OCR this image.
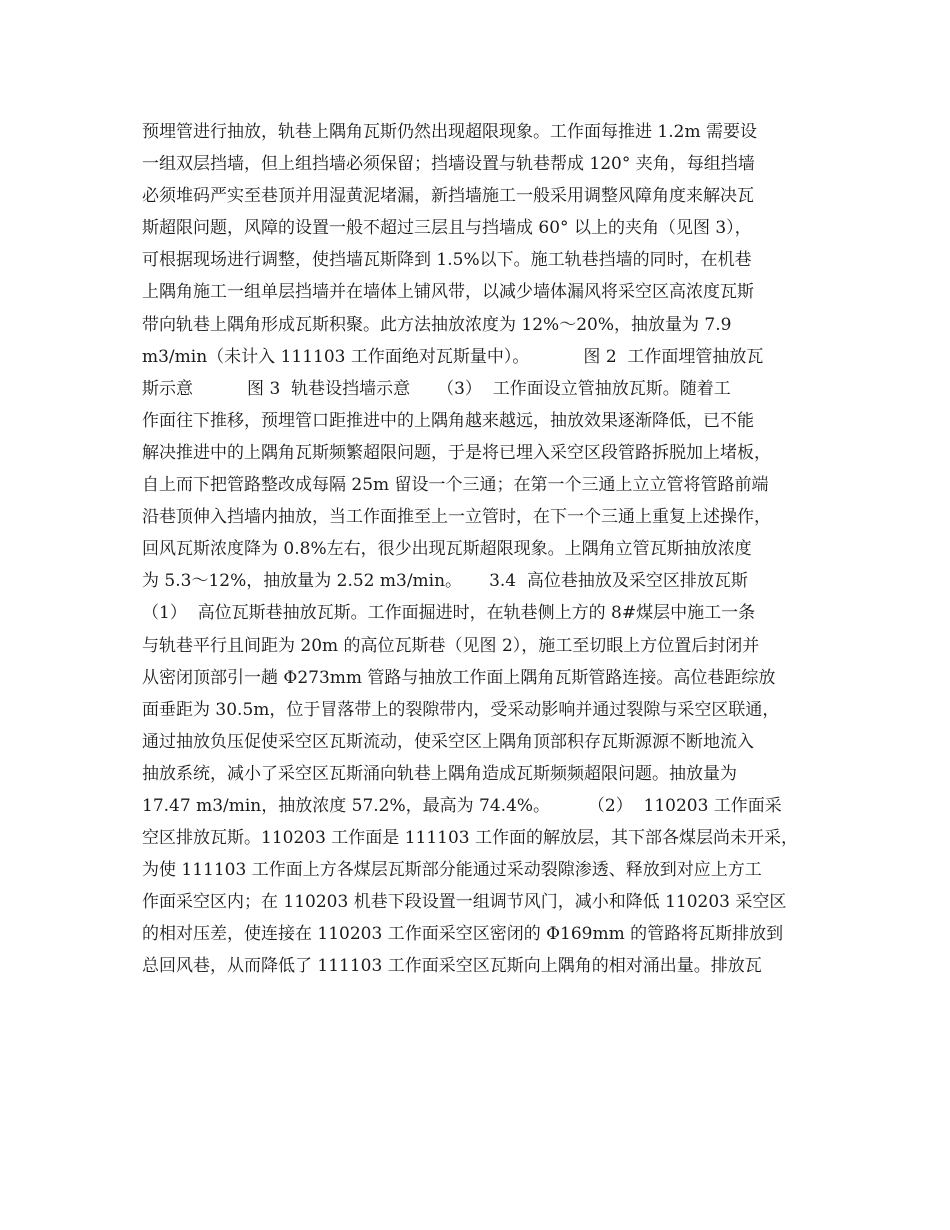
预埋管进行抽放，轨巷上隅角瓦斯仍然出现超限现象。工作面每推进 1.2m 需要设
一组双层挡墙，但上组挡墙必须保留；挡墙设置与轨巷帮成 120° 夹角，每组挡墙
必须堆码严实至巷顶并用湿黄泥堵漏，新挡墙施工一般采用调整风障角度来解决瓦
斯超限问题，风障的设置一般不超过三层且与挡墙成 60° 以上的夹角（见图 3），
可根据现场进行调整，使挡墙瓦斯降到 1.5%以下。施工轨巷挡墙的同时，在机巷
上隅角施工一组单层挡墙并在墙体上铺风带，以减少墙体漏风将采空区高浓度瓦斯
带向轨巷上隅角形成瓦斯积聚。此方法抽放浓度为 12%～20%，抽放量为 7.9
m3/min（未计入 111103 工作面绝对瓦斯量中）。          图 2  工作面埋管抽放瓦
斯示意          图 3  轨巷设挡墙示意     （3）  工作面设立管抽放瓦斯。随着工
作面往下推移，预埋管口距推进中的上隅角越来越远，抽放效果逐渐降低，已不能
解决推进中的上隅角瓦斯频繁超限问题，于是将已埋入采空区段管路拆脱加上堵板，
自上而下把管路整改成每隔 25m 留设一个三通；在第一个三通上立立管将管路前端
沿巷顶伸入挡墙内抽放，当工作面推至上一立管时，在下一个三通上重复上述操作，
回风瓦斯浓度降为 0.8%左右，很少出现瓦斯超限现象。上隅角立管瓦斯抽放浓度
为 5.3～12%，抽放量为 2.52 m3/min。     3.4  高位巷抽放及采空区排放瓦斯
（1）  高位瓦斯巷抽放瓦斯。工作面掘进时，在轨巷侧上方的 8#煤层中施工一条
与轨巷平行且间距为 20m 的高位瓦斯巷（见图 2），施工至切眼上方位置后封闭并
从密闭顶部引一趟 Φ273mm 管路与抽放工作面上隅角瓦斯管路连接。高位巷距综放
面垂距为 30.5m，位于冒落带上的裂隙带内，受采动影响并通过裂隙与采空区联通，
通过抽放负压促使采空区瓦斯流动，使采空区上隅角顶部积存瓦斯源源不断地流入
抽放系统，减小了采空区瓦斯涌向轨巷上隅角造成瓦斯频频超限问题。抽放量为
17.47 m3/min，抽放浓度 57.2%，最高为 74.4%。       （2）  110203 工作面采
空区排放瓦斯。110203 工作面是 111103 工作面的解放层，其下部各煤层尚未开采，
为使 111103 工作面上方各煤层瓦斯部分能通过采动裂隙渗透、释放到对应上方工
作面采空区内；在 110203 机巷下段设置一组调节风门，减小和降低 110203 采空区
的相对压差，使连接在 110203 工作面采空区密闭的 Φ169mm 的管路将瓦斯排放到
总回风巷，从而降低了 111103 工作面采空区瓦斯向上隅角的相对涌出量。排放瓦
